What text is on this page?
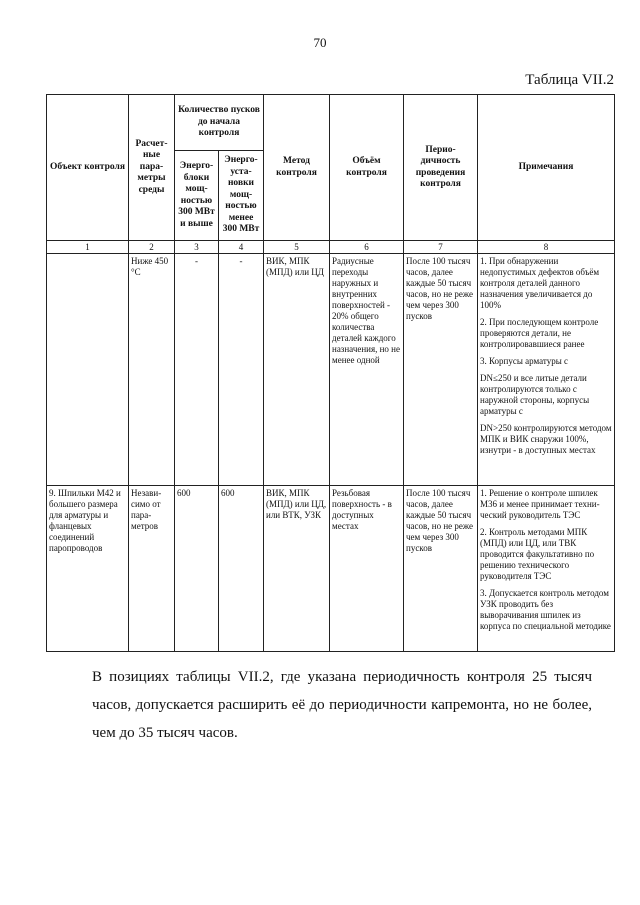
70
Таблица VII.2
Объект контроля	Расчет-ные пара-метры среды	Количество пусков до начала контроля		Метод контроля	Объём контроля	Перио-дичность проведения контроля	Примечания
		Энерго-блоки мощ-ностью 300 МВт и выше	Энерго-уста-новки мощ-ностью менее 300 МВт				
1	2	3	4	5	6	7	8
	Ниже 450 °С	-	-	ВИК, МПК (МПД) или ЦД	Радиусные переходы наружных и внутренних поверхностей - 20% общего количества деталей каждого назначения, но не менее одной	После 100 тысяч часов, далее каждые 50 тысяч часов, но не реже чем через 300 пусков	1. При обнаружении недопустимых дефектов объём контроля деталей данного назначения увеличивается до 100%

2. При последующем контроле проверяются детали, не контролировавшиеся ранее

3. Корпусы арматуры с

DN≤250 и все литые детали контролируются только с наружной стороны, корпусы арматуры с

DN>250 контролируются методом МПК и ВИК снаружи 100%, изнутри - в доступных местах

9. Шпильки М42 и большего размера для арматуры и фланцевых соединений паропроводов	Незави-симо от пара-метров	600	600	ВИК, МПК (МПД) или ЦД, или ВТК, УЗК	Резьбовая поверхность - в доступных местах	После 100 тысяч часов, далее каждые 50 тысяч часов, но не реже чем через 300 пусков	1. Решение о контроле шпилек М36 и менее принимает техни-ческий руководитель ТЭС

2. Контроль методами МПК (МПД) или ЦД, или ТВК проводится факультативно по решению технического руководителя ТЭС

3. Допускается контроль методом УЗК проводить без выворачивания шпилек из корпуса по специальной методике

В позициях таблицы VII.2, где указана периодичность контроля 25 тысяч часов, допускается расширить её до периодичности капремонта, но не более, чем до 35 тысяч часов.
